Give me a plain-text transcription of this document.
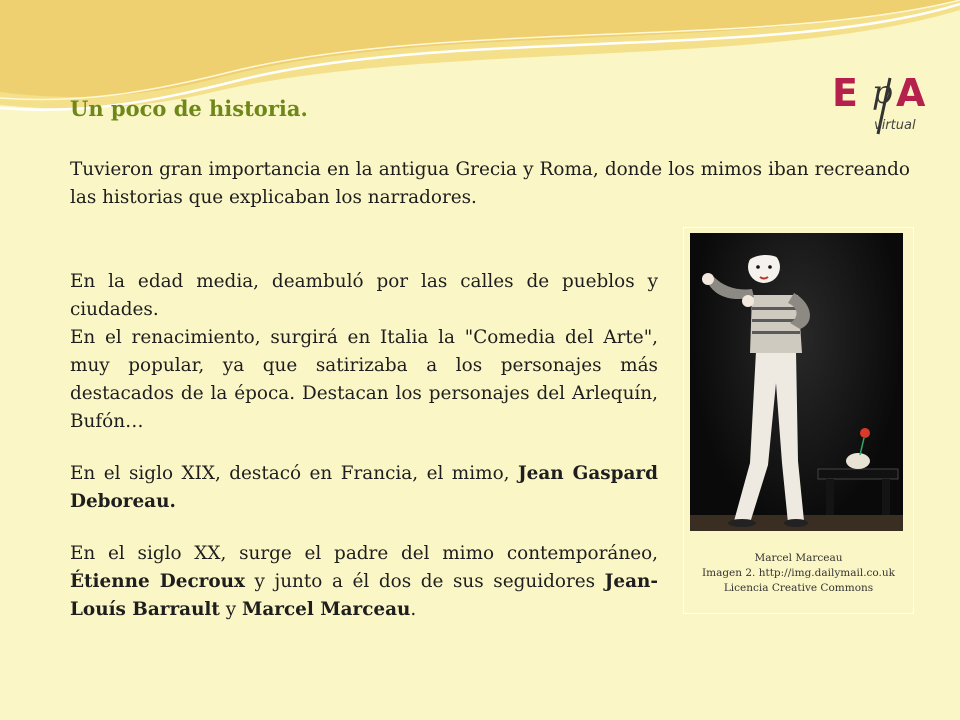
E p A
virtual
Un poco de historia.

Tuvieron gran importancia en la antigua Grecia y Roma, donde los mimos iban recreando las historias que explicaban los narradores.

En la edad media, deambuló por las calles de pueblos y ciudades.

En el renacimiento, surgirá en Italia la "Comedia del Arte", muy popular, ya que satirizaba a los personajes más destacados de la época. Destacan los personajes del Arlequín, Bufón…

En el siglo XIX, destacó en Francia, el mimo, Jean Gaspard Deboreau.

En el siglo XX, surge el padre del mimo contemporáneo, Étienne Decroux y junto a él dos de sus seguidores Jean-Louís Barrault y Marcel Marceau.

Marcel Marceau
Imagen 2. http://img.dailymail.co.uk
Licencia Creative Commons
